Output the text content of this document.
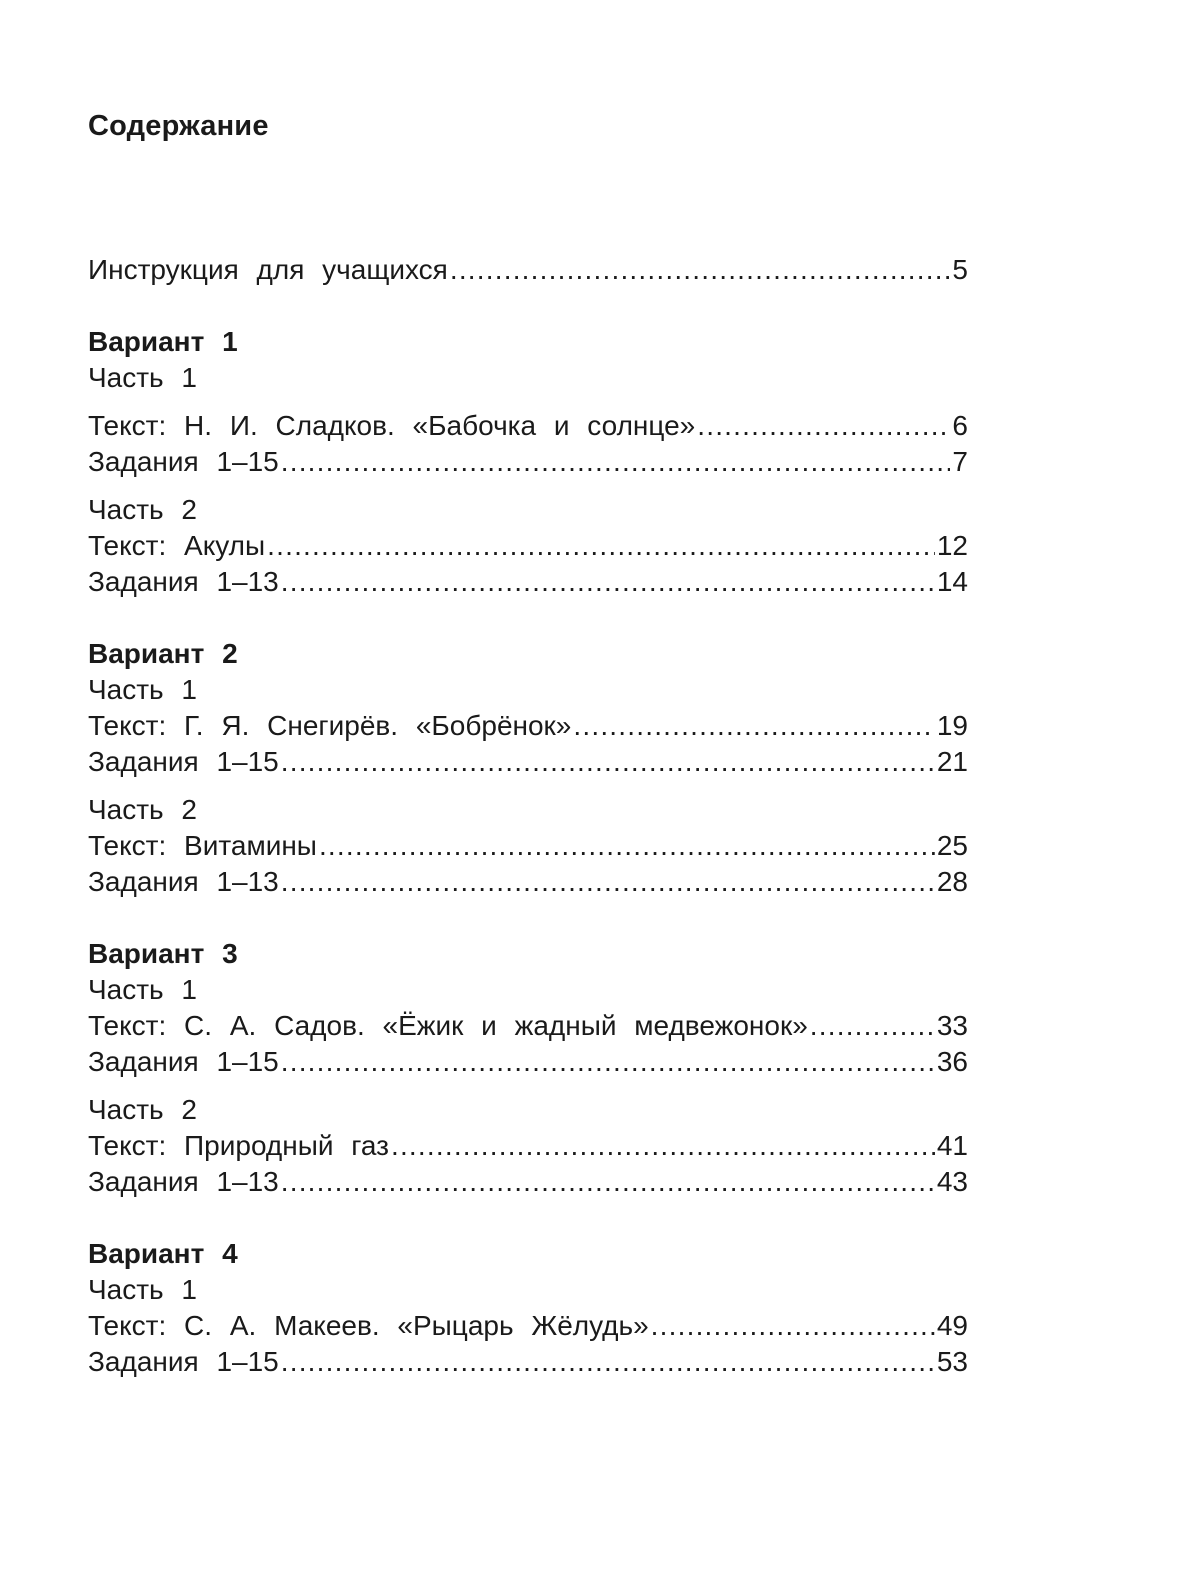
Содержание
Инструкция для учащихся .....	5
Вариант 1
Часть 1
Текст: Н. И. Сладков. «Бабочка и солнце» .....	6
Задания 1–15 .....	7
Часть 2
Текст: Акулы .....	12
Задания 1–13 .....	14
Вариант 2
Часть 1
Текст: Г. Я. Снегирёв. «Бобрёнок» .....	19
Задания 1–15 .....	21
Часть 2
Текст: Витамины .....	25
Задания 1–13 .....	28
Вариант 3
Часть 1
Текст: С. А. Садов. «Ёжик и жадный медвежонок» .....	33
Задания 1–15 .....	36
Часть 2
Текст: Природный газ .....	41
Задания 1–13 .....	43
Вариант 4
Часть 1
Текст: С. А. Макеев. «Рыцарь Жёлудь» .....	49
Задания 1–15 .....	53
